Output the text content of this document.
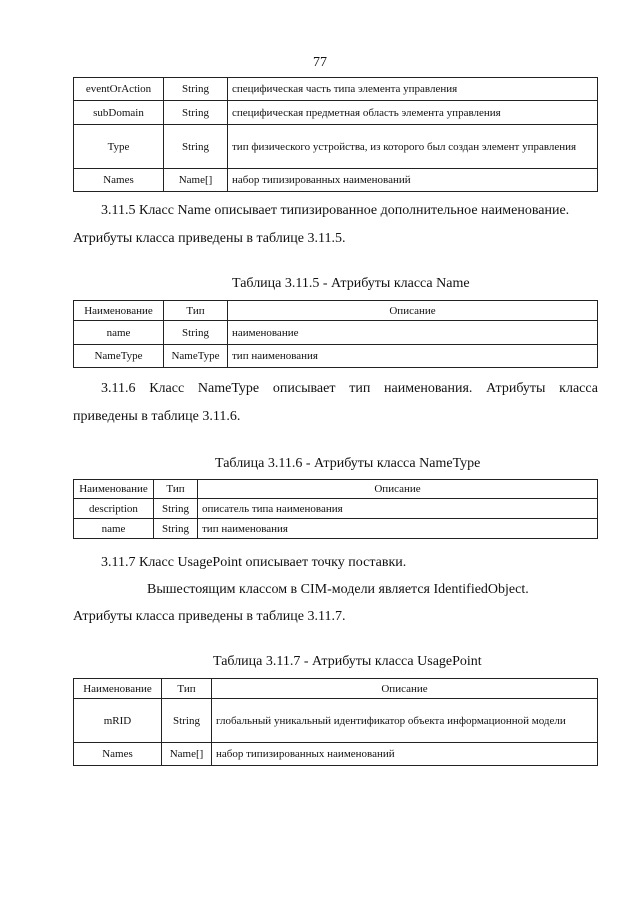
77
eventOrAction	String	специфическая часть типа элемента управления
subDomain	String	специфическая предметная область элемента управления
Type	String	тип физического устройства, из которого был создан элемент управления
Names	Name[]	набор типизированных наименований
3.11.5 Класс Name описывает типизированное дополнительное наименование.
Атрибуты класса приведены в таблице 3.11.5.
Таблица 3.11.5 - Атрибуты класса Name
Наименование	Тип	Описание
name	String	наименование
NameType	NameType	тип наименования
3.11.6 Класс NameType описывает тип наименования. Атрибуты класса
приведены в таблице 3.11.6.
Таблица 3.11.6 - Атрибуты класса NameType
Наименование	Тип	Описание
description	String	описатель типа наименования
name	String	тип наименования
3.11.7 Класс UsagePoint описывает точку поставки.
Вышестоящим классом в CIM-модели является IdentifiedObject.
Атрибуты класса приведены в таблице 3.11.7.
Таблица 3.11.7 - Атрибуты класса UsagePoint
Наименование	Тип	Описание
mRID	String	глобальный уникальный идентификатор объекта информационной модели
Names	Name[]	набор типизированных наименований
